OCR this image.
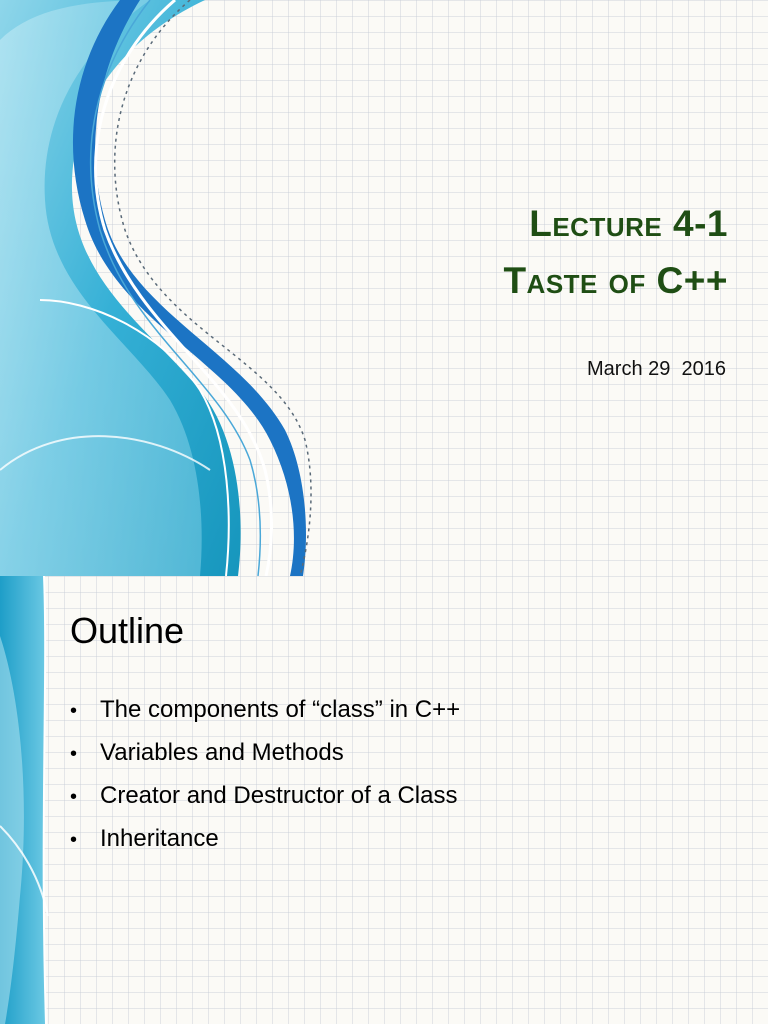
Lecture 4-1
Taste of C++
March 29  2016
Outline
• The components of “class” in C++
• Variables and Methods
• Creator and Destructor of a Class
• Inheritance
